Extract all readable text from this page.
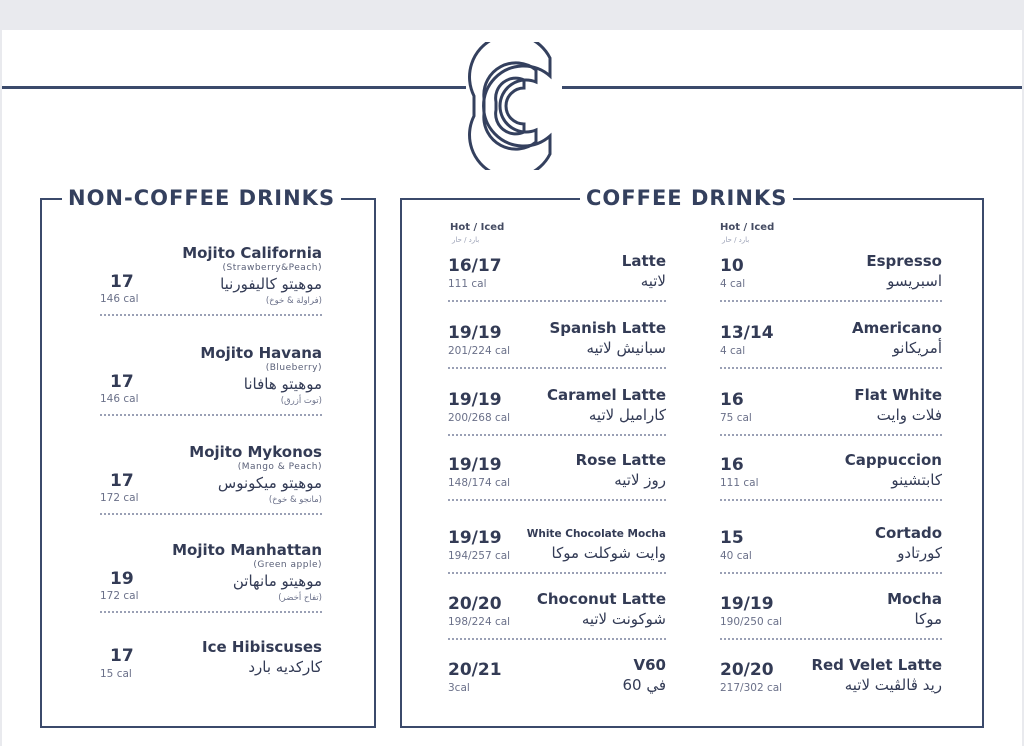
NON-COFFEE DRINKS	COFFEE DRINKS
Hot / Iced
بارد / حار
Hot / Iced
بارد / حار
Mojito California
(Strawberry&Peach)
موهيتو كاليفورنيا
(فراولة & خوخ)
17
146 cal
Mojito Havana
(Blueberry)
موهيتو هافانا
(توت أزرق)
17
146 cal
Mojito Mykonos
(Mango & Peach)
موهيتو ميكونوس
(مانجو & خوخ)
17
172 cal
Mojito Manhattan
(Green apple)
موهيتو مانهاتن
(تفاح أخضر)
19
172 cal
Ice Hibiscuses
كاركديه بارد
17
15 cal
Latte
لاتيه
16/17
111 cal
Spanish Latte
سبانيش لاتيه
19/19
201/224 cal
Caramel Latte
كاراميل لاتيه
19/19
200/268 cal
Rose Latte
روز لاتيه
19/19
148/174 cal
White Chocolate Mocha
وايت شوكلت موكا
19/19
194/257 cal
Choconut Latte
شوكونت لاتيه
20/20
198/224 cal
V60
في 60
20/21
3cal
Espresso
اسبريسو
10
4 cal
Americano
أمريكانو
13/14
4 cal
Flat White
فلات وايت
16
75 cal
Cappuccion
كابتشينو
16
111 cal
Cortado
كورتادو
15
40 cal
Mocha
موكا
19/19
190/250 cal
Red Velet Latte
ريد ڤالڤيت لاتيه
20/20
217/302 cal
